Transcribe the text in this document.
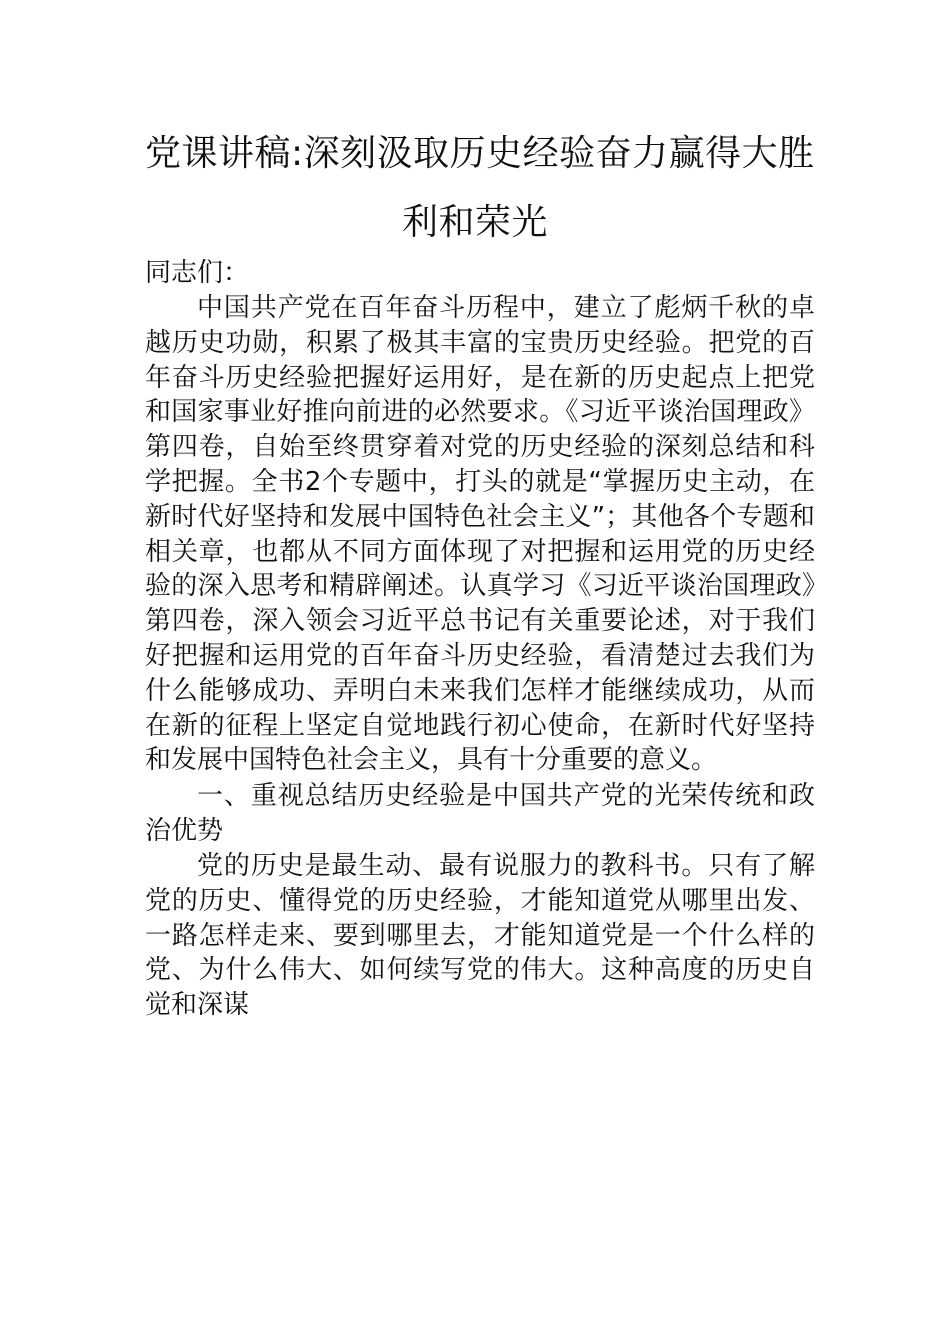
党课讲稿:深刻汲取历史经验奋力赢得大胜
利和荣光
同志们：

中国共产党在百年奋斗历程中，建立了彪炳千秋的卓越历史功勋，积累了极其丰富的宝贵历史经验。把党的百年奋斗历史经验把握好运用好，是在新的历史起点上把党和国家事业好推向前进的必然要求。《习近平谈治国理政》第四卷，自始至终贯穿着对党的历史经验的深刻总结和科学把握。全书2个专题中，打头的就是“掌握历史主动，在新时代好坚持和发展中国特色社会主义”；其他各个专题和相关章，也都从不同方面体现了对把握和运用党的历史经验的深入思考和精辟阐述。认真学习《习近平谈治国理政》第四卷，深入领会习近平总书记有关重要论述，对于我们好把握和运用党的百年奋斗历史经验，看清楚过去我们为什么能够成功、弄明白未来我们怎样才能继续成功，从而在新的征程上坚定自觉地践行初心使命，在新时代好坚持和发展中国特色社会主义，具有十分重要的意义。

一、重视总结历史经验是中国共产党的光荣传统和政治优势

党的历史是最生动、最有说服力的教科书。只有了解党的历史、懂得党的历史经验，才能知道党从哪里出发、一路怎样走来、要到哪里去，才能知道党是一个什么样的党、为什么伟大、如何续写党的伟大。这种高度的历史自觉和深谋
